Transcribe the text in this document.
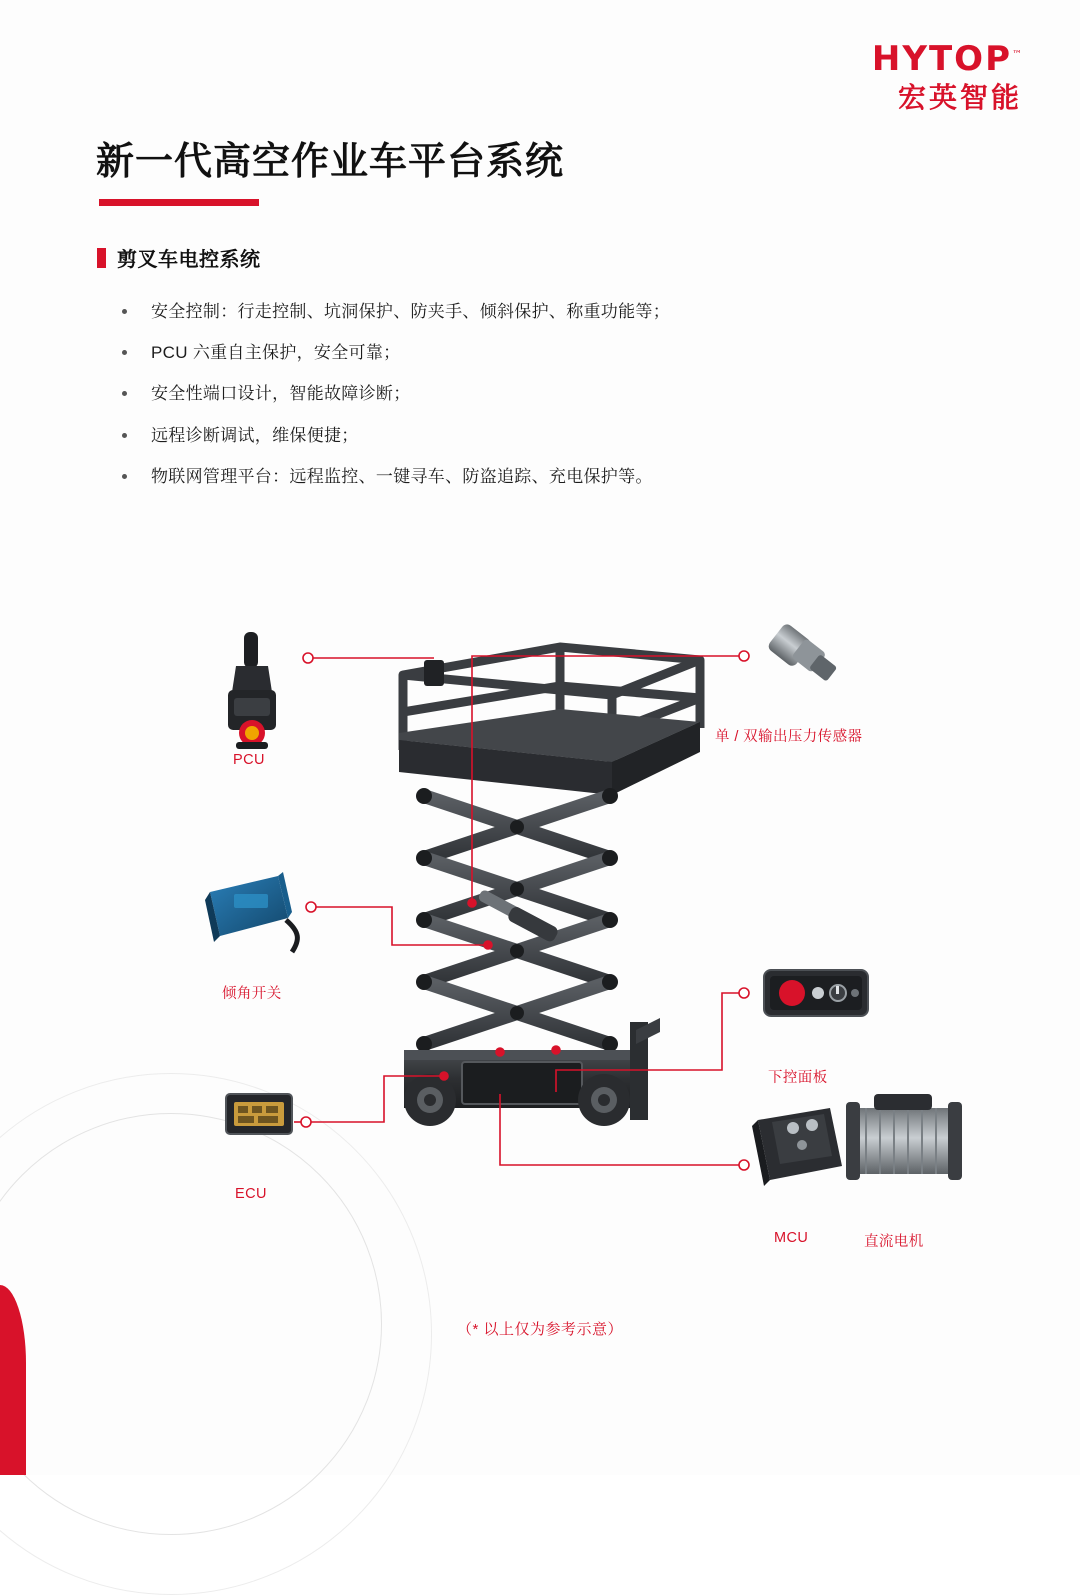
HYTOP™
宏英智能
新一代高空作业车平台系统
剪叉车电控系统
安全控制：行走控制、坑洞保护、防夹手、倾斜保护、称重功能等；
PCU 六重自主保护，安全可靠；
安全性端口设计，智能故障诊断；
远程诊断调试，维保便捷；
物联网管理平台：远程监控、一键寻车、防盗追踪、充电保护等。
PCU
单 / 双输出压力传感器
倾角开关
下控面板
ECU
MCU	直流电机
（* 以上仅为参考示意）
